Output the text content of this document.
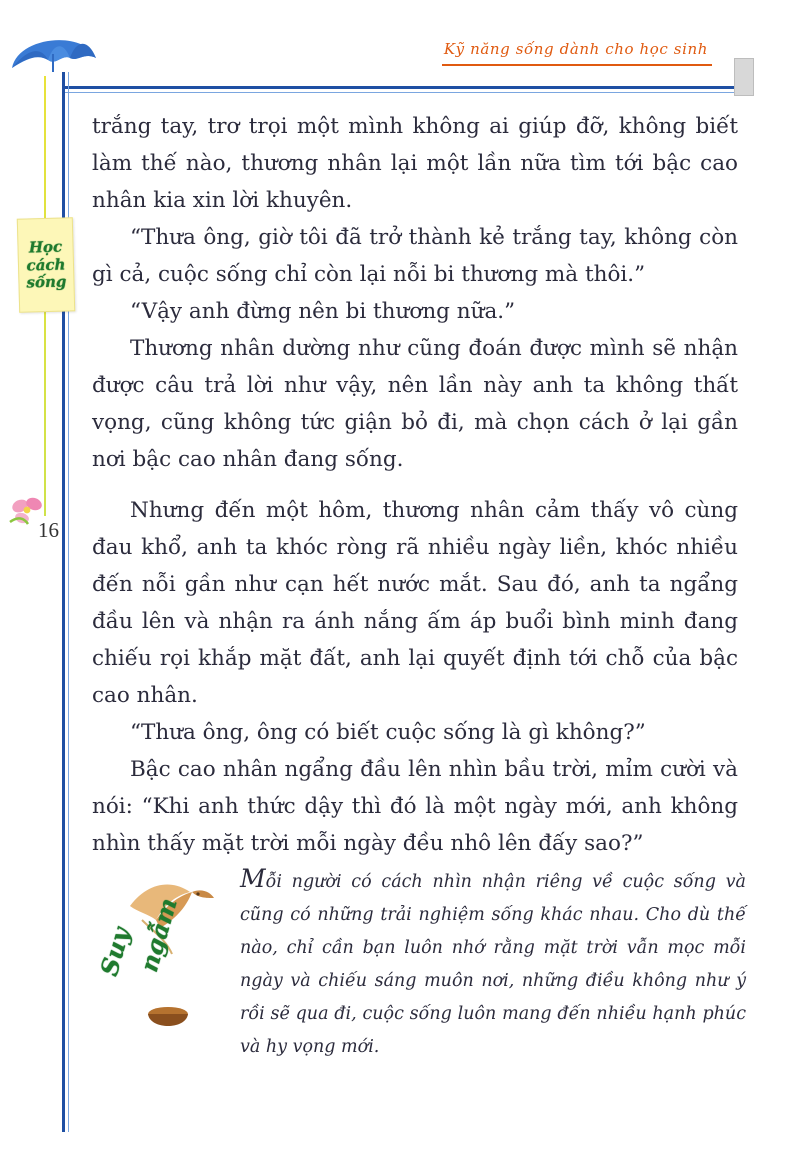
Kỹ năng sống dành cho học sinh
Học
cách
sống
16

trắng tay, trơ trọi một mình không ai giúp đỡ, không biết làm thế nào, thương nhân lại một lần nữa tìm tới bậc cao nhân kia xin lời khuyên.

“Thưa ông, giờ tôi đã trở thành kẻ trắng tay, không còn gì cả, cuộc sống chỉ còn lại nỗi bi thương mà thôi.”

“Vậy anh đừng nên bi thương nữa.”

Thương nhân dường như cũng đoán được mình sẽ nhận được câu trả lời như vậy, nên lần này anh ta không thất vọng, cũng không tức giận bỏ đi, mà chọn cách ở lại gần nơi bậc cao nhân đang sống.

Nhưng đến một hôm, thương nhân cảm thấy vô cùng đau khổ, anh ta khóc ròng rã nhiều ngày liền, khóc nhiều đến nỗi gần như cạn hết nước mắt. Sau đó, anh ta ngẩng đầu lên và nhận ra ánh nắng ấm áp buổi bình minh đang chiếu rọi khắp mặt đất, anh lại quyết định tới chỗ của bậc cao nhân.

“Thưa ông, ông có biết cuộc sống là gì không?”

Bậc cao nhân ngẩng đầu lên nhìn bầu trời, mỉm cười và nói: “Khi anh thức dậy thì đó là một ngày mới, anh không nhìn thấy mặt trời mỗi ngày đều nhô lên đấy sao?”

Suy
ngẫm
Mỗi người có cách nhìn nhận riêng về cuộc sống và cũng có những trải nghiệm sống khác nhau. Cho dù thế nào, chỉ cần bạn luôn nhớ rằng mặt trời vẫn mọc mỗi ngày và chiếu sáng muôn nơi, những điều không như ý rồi sẽ qua đi, cuộc sống luôn mang đến nhiều hạnh phúc và hy vọng mới.
